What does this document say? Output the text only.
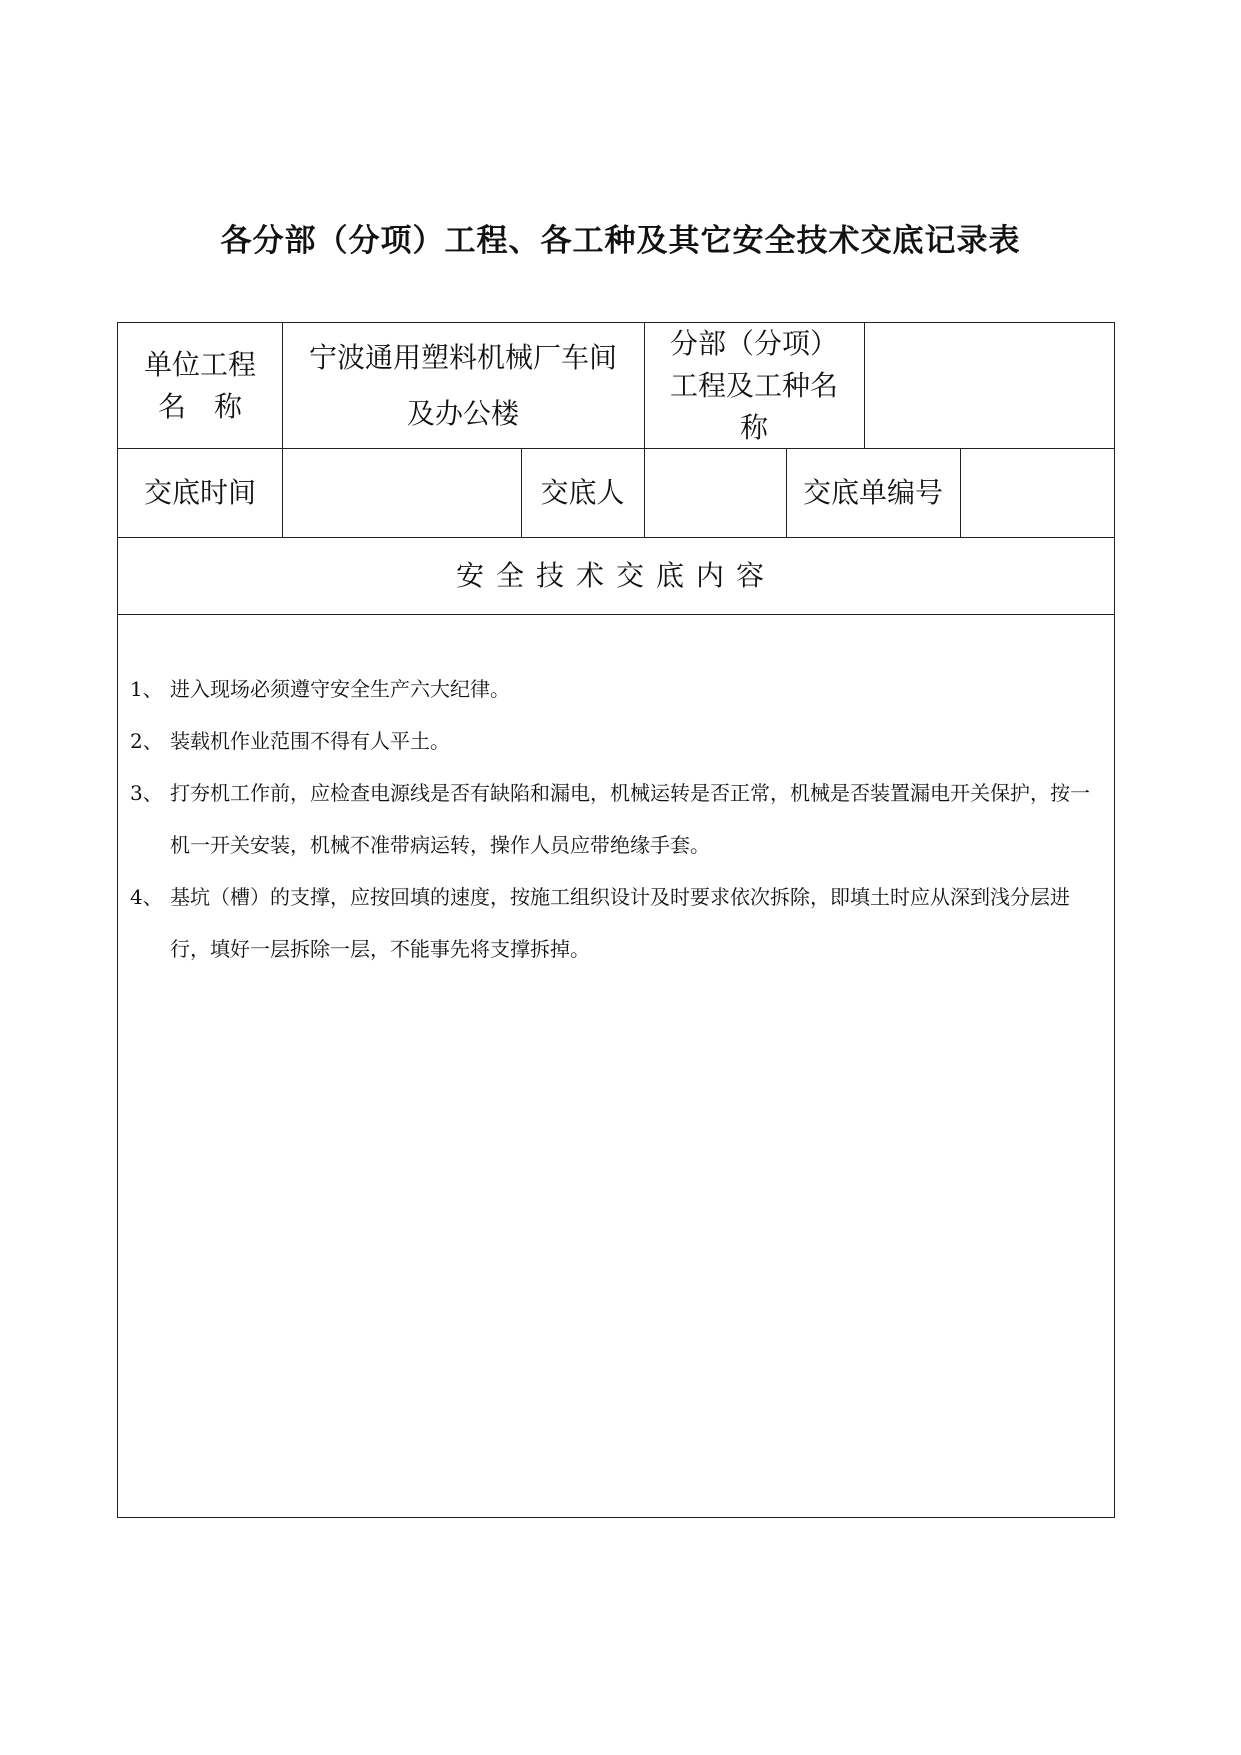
各分部（分项）工程、各工种及其它安全技术交底记录表
单位工程
名　称
宁波通用塑料机械厂车间
及办公楼
分部（分项）
工程及工种名
称
交底时间	交底人	交底单编号
安全技术交底内容
1、 进入现场必须遵守安全生产六大纪律。
2、 装载机作业范围不得有人平土。
3、 打夯机工作前，应检查电源线是否有缺陷和漏电，机械运转是否正常，机械是否装置漏电开关保护，按一机一开关安装，机械不准带病运转，操作人员应带绝缘手套。
4、 基坑（槽）的支撑，应按回填的速度，按施工组织设计及时要求依次拆除，即填土时应从深到浅分层进行，填好一层拆除一层，不能事先将支撑拆掉。
